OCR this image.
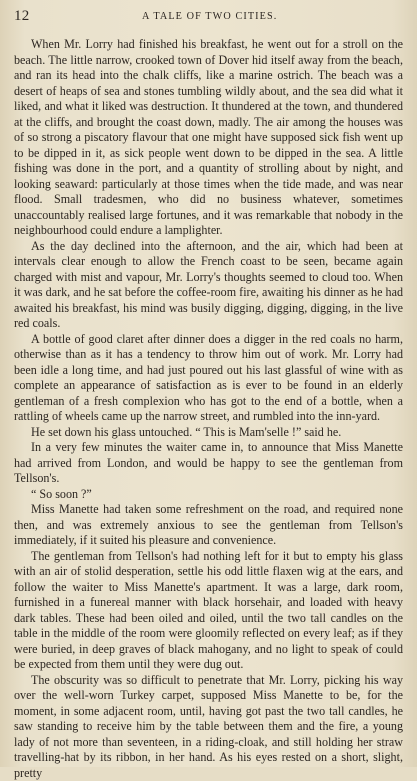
12	A TALE OF TWO CITIES.

When Mr. Lorry had finished his breakfast, he went out for a stroll on the beach. The little narrow, crooked town of Dover hid itself away from the beach, and ran its head into the chalk cliffs, like a marine ostrich. The beach was a desert of heaps of sea and stones tumbling wildly about, and the sea did what it liked, and what it liked was destruction. It thundered at the town, and thundered at the cliffs, and brought the coast down, madly. The air among the houses was of so strong a piscatory flavour that one might have supposed sick fish went up to be dipped in it, as sick people went down to be dipped in the sea. A little fishing was done in the port, and a quantity of strolling about by night, and looking seaward: particularly at those times when the tide made, and was near flood. Small tradesmen, who did no business whatever, sometimes unaccountably realised large fortunes, and it was remarkable that nobody in the neighbourhood could endure a lamplighter.

As the day declined into the afternoon, and the air, which had been at intervals clear enough to allow the French coast to be seen, became again charged with mist and vapour, Mr. Lorry's thoughts seemed to cloud too. When it was dark, and he sat before the coffee-room fire, awaiting his dinner as he had awaited his breakfast, his mind was busily digging, digging, digging, in the live red coals.

A bottle of good claret after dinner does a digger in the red coals no harm, otherwise than as it has a tendency to throw him out of work. Mr. Lorry had been idle a long time, and had just poured out his last glassful of wine with as complete an appearance of satisfaction as is ever to be found in an elderly gentleman of a fresh complexion who has got to the end of a bottle, when a rattling of wheels came up the narrow street, and rumbled into the inn-yard.

He set down his glass untouched. “ This is Mam'selle !” said he.

In a very few minutes the waiter came in, to announce that Miss Manette had arrived from London, and would be happy to see the gentleman from Tellson's.

“ So soon ?”

Miss Manette had taken some refreshment on the road, and required none then, and was extremely anxious to see the gentleman from Tellson's immediately, if it suited his pleasure and convenience.

The gentleman from Tellson's had nothing left for it but to empty his glass with an air of stolid desperation, settle his odd little flaxen wig at the ears, and follow the waiter to Miss Manette's apartment. It was a large, dark room, furnished in a funereal manner with black horsehair, and loaded with heavy dark tables. These had been oiled and oiled, until the two tall candles on the table in the middle of the room were gloomily reflected on every leaf; as if they were buried, in deep graves of black mahogany, and no light to speak of could be expected from them until they were dug out.

The obscurity was so difficult to penetrate that Mr. Lorry, picking his way over the well-worn Turkey carpet, supposed Miss Manette to be, for the moment, in some adjacent room, until, having got past the two tall candles, he saw standing to receive him by the table between them and the fire, a young lady of not more than seventeen, in a riding-cloak, and still holding her straw travelling-hat by its ribbon, in her hand. As his eyes rested on a short, slight, pretty
